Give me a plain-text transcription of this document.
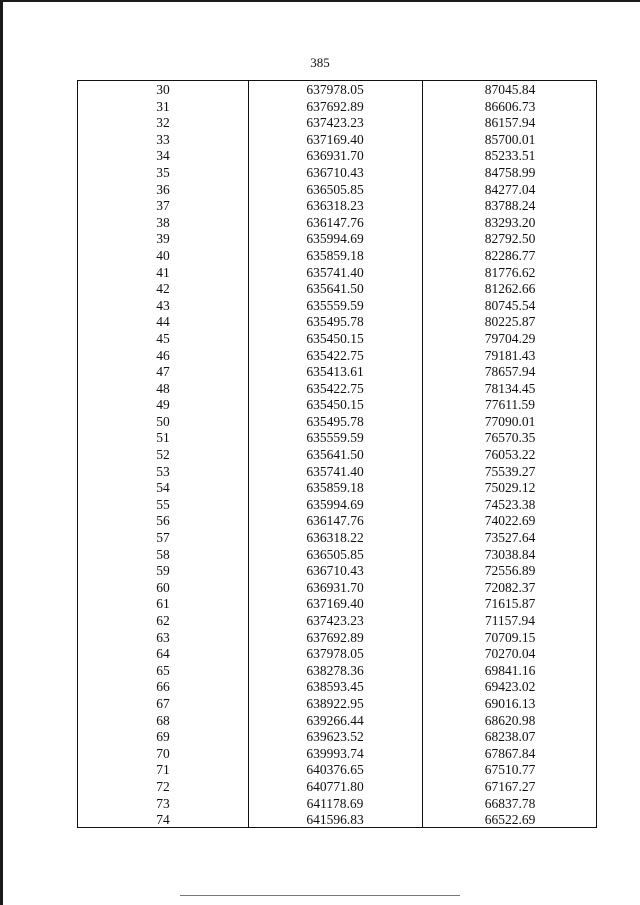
385
30	637978.05	87045.84
31	637692.89	86606.73
32	637423.23	86157.94
33	637169.40	85700.01
34	636931.70	85233.51
35	636710.43	84758.99
36	636505.85	84277.04
37	636318.23	83788.24
38	636147.76	83293.20
39	635994.69	82792.50
40	635859.18	82286.77
41	635741.40	81776.62
42	635641.50	81262.66
43	635559.59	80745.54
44	635495.78	80225.87
45	635450.15	79704.29
46	635422.75	79181.43
47	635413.61	78657.94
48	635422.75	78134.45
49	635450.15	77611.59
50	635495.78	77090.01
51	635559.59	76570.35
52	635641.50	76053.22
53	635741.40	75539.27
54	635859.18	75029.12
55	635994.69	74523.38
56	636147.76	74022.69
57	636318.22	73527.64
58	636505.85	73038.84
59	636710.43	72556.89
60	636931.70	72082.37
61	637169.40	71615.87
62	637423.23	71157.94
63	637692.89	70709.15
64	637978.05	70270.04
65	638278.36	69841.16
66	638593.45	69423.02
67	638922.95	69016.13
68	639266.44	68620.98
69	639623.52	68238.07
70	639993.74	67867.84
71	640376.65	67510.77
72	640771.80	67167.27
73	641178.69	66837.78
74	641596.83	66522.69
